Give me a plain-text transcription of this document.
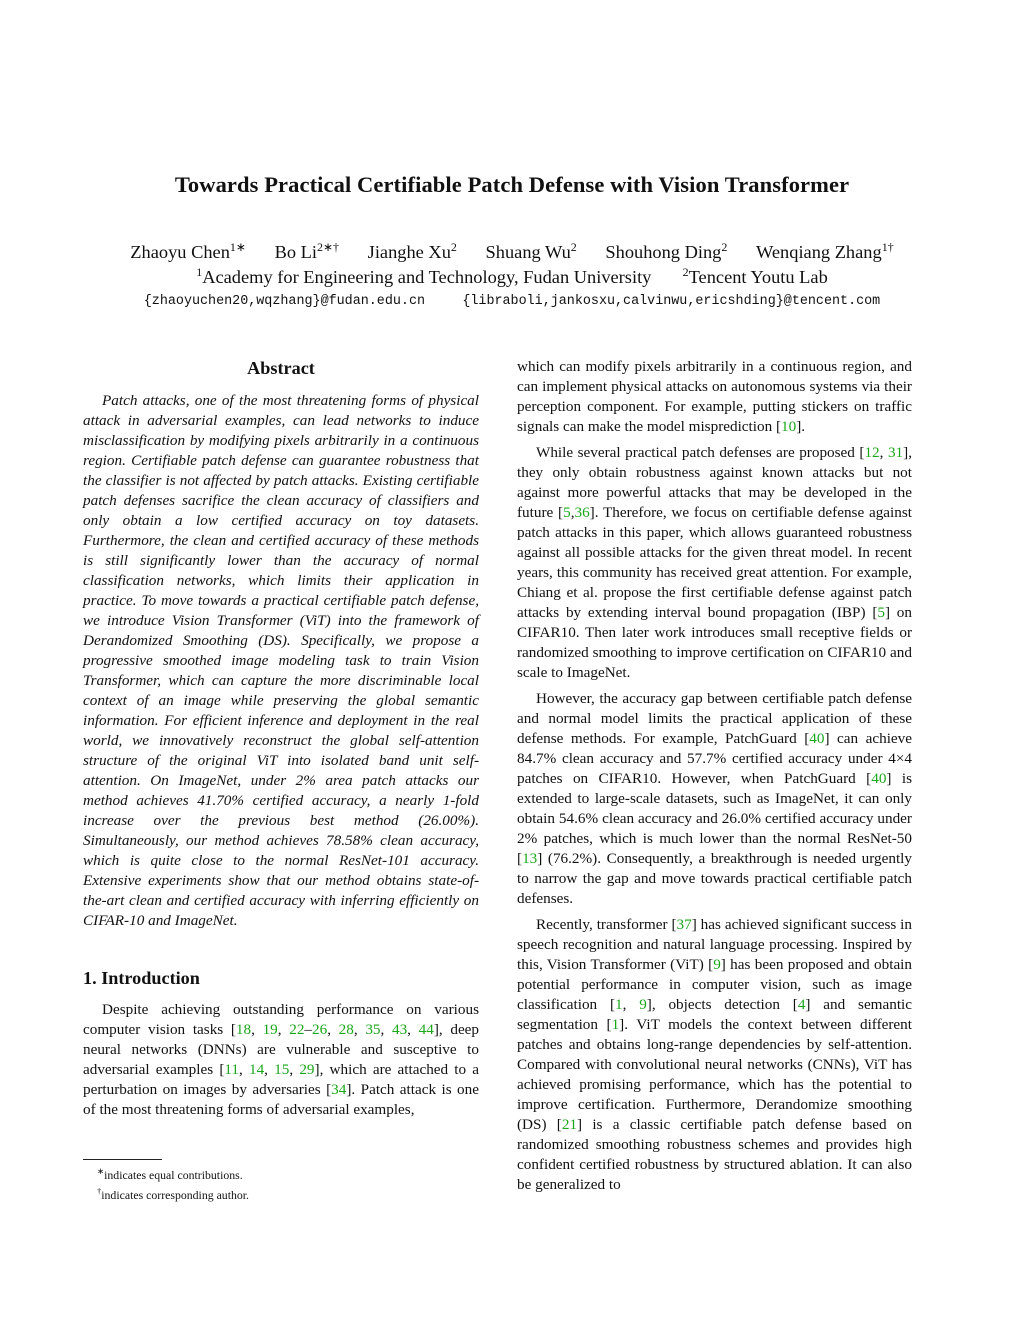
Towards Practical Certifiable Patch Defense with Vision Transformer
Zhaoyu Chen$^{1∗}$ Bo $Li^{2∗\dagger}$ Jianghe Xu$^2$ Shuang Wu$^2$ Shouhong Ding$^2$ Wenqiang Zhang$^{1\dagger}$
$^1$Academy for Engineering and Technology, Fudan University	$^2$Tencent Youtu Lab
{zhaoyuchen20,wqzhang}@fudan.edu.cn	{libraboli,jankosxu,calvinwu,ericshding}@tencent.com
Abstract

Patch attacks, one of the most threatening forms of physical attack in adversarial examples, can lead networks to induce misclassification by modifying pixels arbitrarily in a continuous region. Certifiable patch defense can guarantee robustness that the classifier is not affected by patch attacks. Existing certifiable patch defenses sacrifice the clean accuracy of classifiers and only obtain a low certified accuracy on toy datasets. Furthermore, the clean and certified accuracy of these methods is still significantly lower than the accuracy of normal classification networks, which limits their application in practice. To move towards a practical certifiable patch defense, we introduce Vision Transformer (ViT) into the framework of Derandomized Smoothing (DS). Specifically, we propose a progressive smoothed image modeling task to train Vision Transformer, which can capture the more discriminable local context of an image while preserving the global semantic information. For efficient inference and deployment in the real world, we innovatively reconstruct the global self-attention structure of the original ViT into isolated band unit self-attention. On ImageNet, under 2% area patch attacks our method achieves 41.70% certified accuracy, a nearly 1-fold increase over the previous best method (26.00%). Simultaneously, our method achieves 78.58% clean accuracy, which is quite close to the normal ResNet-101 accuracy. Extensive experiments show that our method obtains state-of-the-art clean and certified accuracy with inferring efficiently on CIFAR-10 and ImageNet.

1. Introduction

Despite achieving outstanding performance on various computer vision tasks [18, 19, 22–26, 28, 35, 43, 44], deep neural networks (DNNs) are vulnerable and susceptive to adversarial examples [11, 14, 15, 29], which are attached to a perturbation on images by adversaries [34]. Patch attack is one of the most threatening forms of adversarial examples,

∗indicates equal contributions.
†indicates corresponding author.

which can modify pixels arbitrarily in a continuous region, and can implement physical attacks on autonomous systems via their perception component. For example, putting stickers on traffic signals can make the model misprediction [10].

While several practical patch defenses are proposed [12, 31], they only obtain robustness against known attacks but not against more powerful attacks that may be developed in the future [5,36]. Therefore, we focus on certifiable defense against patch attacks in this paper, which allows guaranteed robustness against all possible attacks for the given threat model. In recent years, this community has received great attention. For example, Chiang et al. propose the first certifiable defense against patch attacks by extending interval bound propagation (IBP) [5] on CIFAR10. Then later work introduces small receptive fields or randomized smoothing to improve certification on CIFAR10 and scale to ImageNet.

However, the accuracy gap between certifiable patch defense and normal model limits the practical application of these defense methods. For example, PatchGuard [40] can achieve 84.7% clean accuracy and 57.7% certified accuracy under 4×4 patches on CIFAR10. However, when PatchGuard [40] is extended to large-scale datasets, such as ImageNet, it can only obtain 54.6% clean accuracy and 26.0% certified accuracy under 2% patches, which is much lower than the normal ResNet-50 [13] (76.2%). Consequently, a breakthrough is needed urgently to narrow the gap and move towards practical certifiable patch defenses.

Recently, transformer [37] has achieved significant success in speech recognition and natural language processing. Inspired by this, Vision Transformer (ViT) [9] has been proposed and obtain potential performance in computer vision, such as image classification [1, 9], objects detection [4] and semantic segmentation [1]. ViT models the context between different patches and obtains long-range dependencies by self-attention. Compared with convolutional neural networks (CNNs), ViT has achieved promising performance, which has the potential to improve certification. Furthermore, Derandomize smoothing (DS) [21] is a classic certifiable patch defense based on randomized smoothing robustness schemes and provides high confident certified robustness by structured ablation. It can also be generalized to
